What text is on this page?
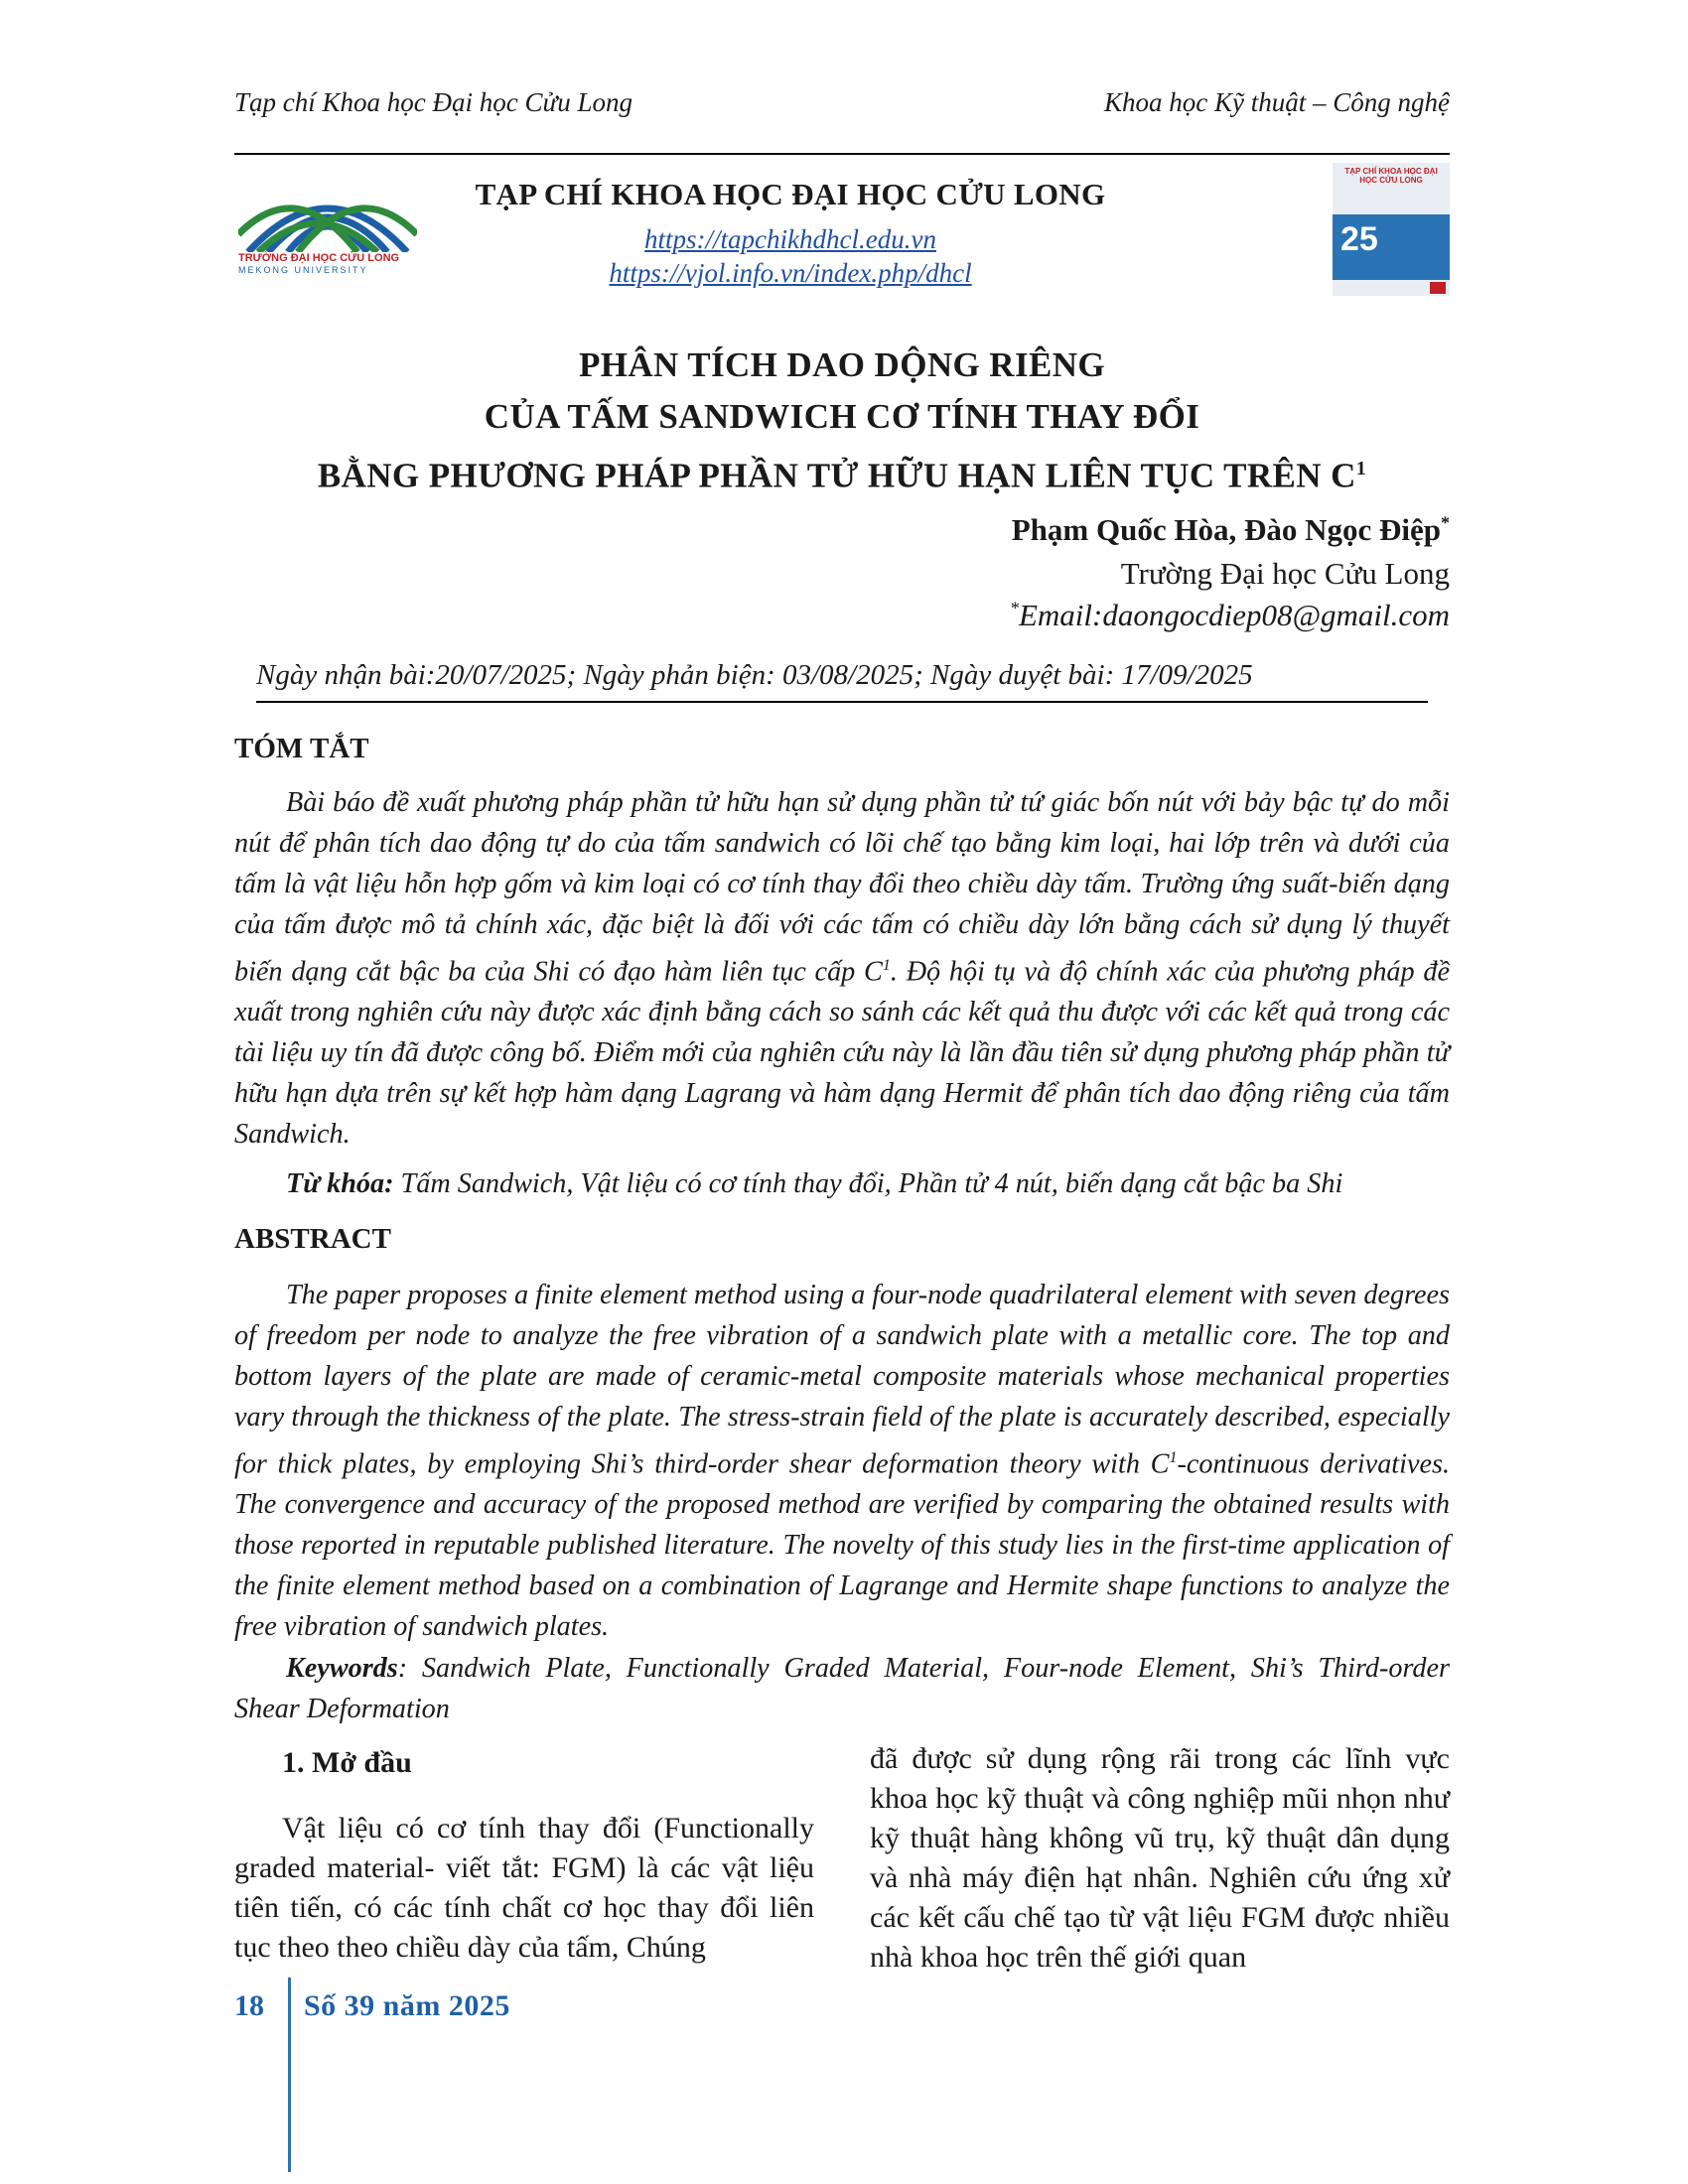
Tạp chí Khoa học Đại học Cửu Long	Khoa học Kỹ thuật – Công nghệ
TRƯỜNG ĐẠI HỌC CỬU LONG
MEKONG UNIVERSITY
TẠP CHÍ KHOA HỌC ĐẠI HỌC CỬU LONG
https://tapchikhdhcl.edu.vn
https://vjol.info.vn/index.php/dhcl
TẠP CHÍ KHOA HỌC ĐẠI HỌC CỬU LONG
25
PHÂN TÍCH DAO DỘNG RIÊNG
CỦA TẤM SANDWICH CƠ TÍNH THAY ĐỔI
BẰNG PHƯƠNG PHÁP PHẦN TỬ HỮU HẠN LIÊN TỤC TRÊN $C^1$
Phạm Quốc Hòa, Đào Ngọc Điệp*
Trường Đại học Cửu Long
*Email:daongocdiep08@gmail.com
Ngày nhận bài:20/07/2025; Ngày phản biện: 03/08/2025; Ngày duyệt bài: 17/09/2025
TÓM TẮT
Bài báo đề xuất phương pháp phần tử hữu hạn sử dụng phần tử tứ giác bốn nút với bảy bậc tự do mỗi nút để phân tích dao động tự do của tấm sandwich có lõi chế tạo bằng kim loại, hai lớp trên và dưới của tấm là vật liệu hỗn hợp gốm và kim loại có cơ tính thay đổi theo chiều dày tấm. Trường ứng suất-biến dạng của tấm được mô tả chính xác, đặc biệt là đối với các tấm có chiều dày lớn bằng cách sử dụng lý thuyết biến dạng cắt bậc ba của Shi có đạo hàm liên tục cấp $C^1$. Độ hội tụ và độ chính xác của phương pháp đề xuất trong nghiên cứu này được xác định bằng cách so sánh các kết quả thu được với các kết quả trong các tài liệu uy tín đã được công bố. Điểm mới của nghiên cứu này là lần đầu tiên sử dụng phương pháp phần tử hữu hạn dựa trên sự kết hợp hàm dạng Lagrang và hàm dạng Hermit để phân tích dao động riêng của tấm Sandwich.
Từ khóa: Tấm Sandwich, Vật liệu có cơ tính thay đổi, Phần tử 4 nút, biến dạng cắt bậc ba Shi
ABSTRACT
The paper proposes a finite element method using a four-node quadrilateral element with seven degrees of freedom per node to analyze the free vibration of a sandwich plate with a metallic core. The top and bottom layers of the plate are made of ceramic-metal composite materials whose mechanical properties vary through the thickness of the plate. The stress-strain field of the plate is accurately described, especially for thick plates, by employing Shi’s third-order shear deformation theory with $C^1$-continuous derivatives. The convergence and accuracy of the proposed method are verified by comparing the obtained results with those reported in reputable published literature. The novelty of this study lies in the first-time application of the finite element method based on a combination of Lagrange and Hermite shape functions to analyze the free vibration of sandwich plates.
Keywords: Sandwich Plate, Functionally Graded Material, Four-node Element, Shi’s Third-order Shear Deformation
1. Mở đầu

Vật liệu có cơ tính thay đổi (Functionally graded material- viết tắt: FGM) là các vật liệu tiên tiến, có các tính chất cơ học thay đổi liên tục theo theo chiều dày của tấm, Chúng

đã được sử dụng rộng rãi trong các lĩnh vực khoa học kỹ thuật và công nghiệp mũi nhọn như kỹ thuật hàng không vũ trụ, kỹ thuật dân dụng và nhà máy điện hạt nhân. Nghiên cứu ứng xử các kết cấu chế tạo từ vật liệu FGM được nhiều nhà khoa học trên thế giới quan

18 Số 39 năm 2025
